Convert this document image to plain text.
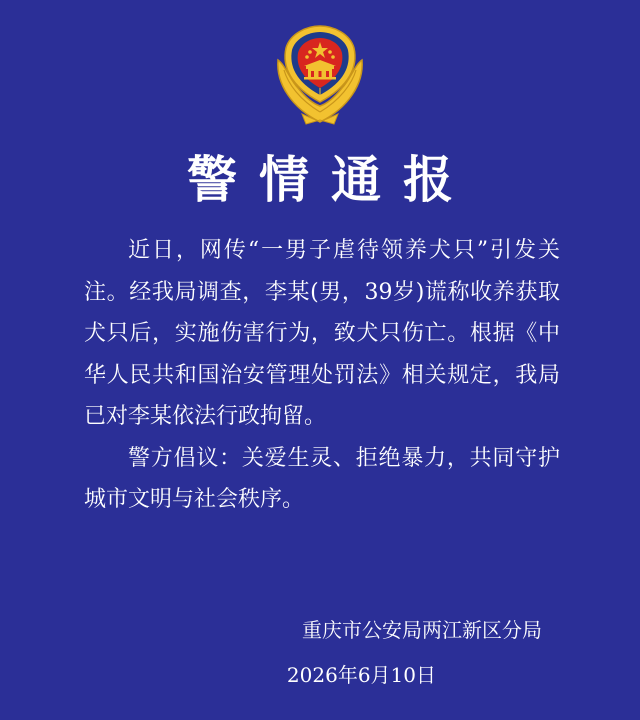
警情通报

近日，网传“一男子虐待领养犬只”引发关注。经我局调查，李某(男，39岁)谎称收养获取犬只后，实施伤害行为，致犬只伤亡。根据《中华人民共和国治安管理处罚法》相关规定，我局已对李某依法行政拘留。

警方倡议：关爱生灵、拒绝暴力，共同守护城市文明与社会秩序。

重庆市公安局两江新区分局
2026年6月10日
